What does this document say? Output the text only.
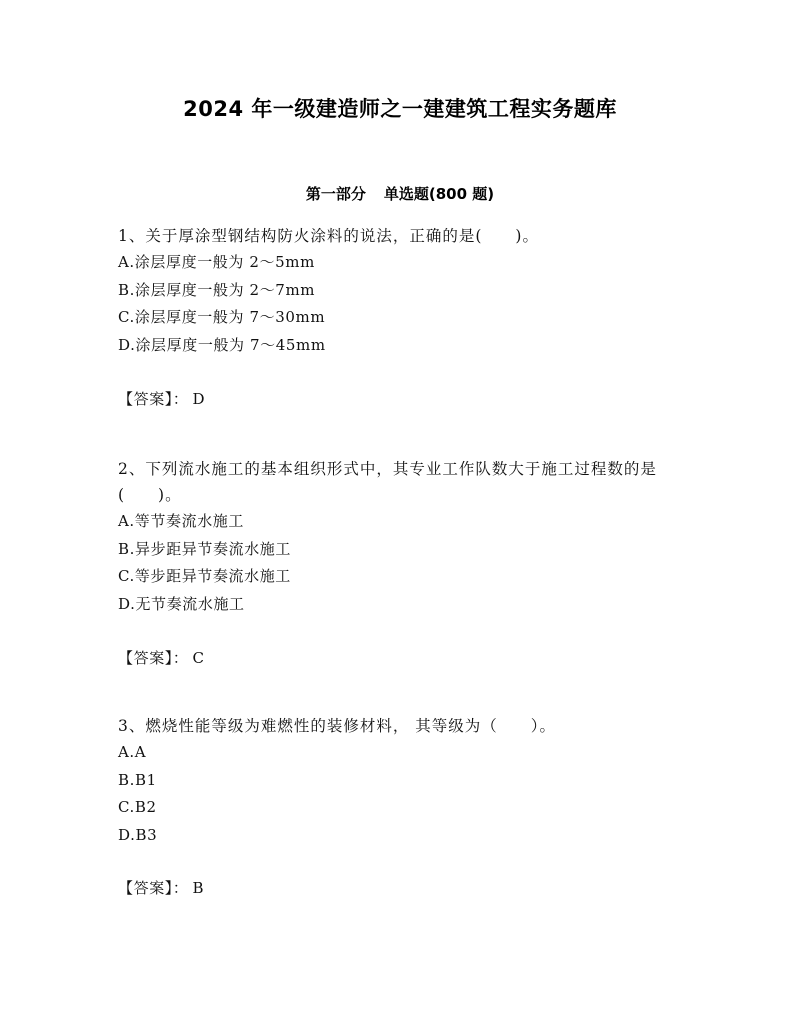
2024 年一级建造师之一建建筑工程实务题库
第一部分 单选题(800 题)

1、关于厚涂型钢结构防火涂料的说法，正确的是(　　)。

A.涂层厚度一般为 2～5mm
B.涂层厚度一般为 2～7mm
C.涂层厚度一般为 7～30mm
D.涂层厚度一般为 7～45mm
【答案】： D

2、下列流水施工的基本组织形式中，其专业工作队数大于施工过程数的是(　　)。

A.等节奏流水施工
B.异步距异节奏流水施工
C.等步距异节奏流水施工
D.无节奏流水施工
【答案】： C

3、燃烧性能等级为难燃性的装修材料， 其等级为（　　）。

A.A
B.B1
C.B2
D.B3
【答案】： B
